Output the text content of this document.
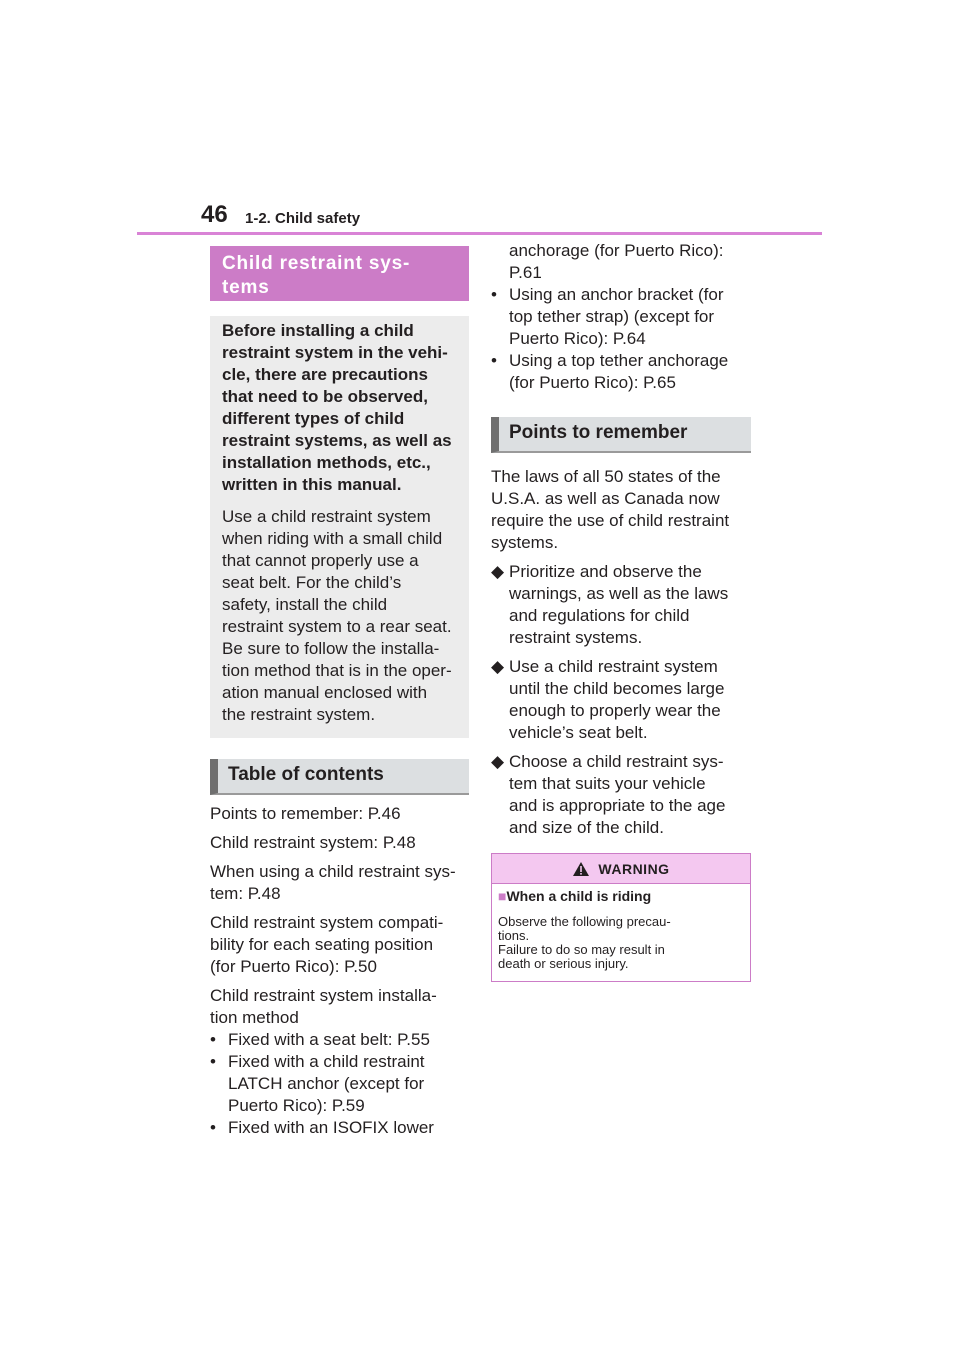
46 1-2. Child safety
Child restraint sys-
tems

Before installing a child
restraint system in the vehi-
cle, there are precautions
that need to be observed,
different types of child
restraint systems, as well as
installation methods, etc.,
written in this manual.

Use a child restraint system
when riding with a small child
that cannot properly use a
seat belt. For the child’s
safety, install the child
restraint system to a rear seat.
Be sure to follow the installa-
tion method that is in the oper-
ation manual enclosed with
the restraint system.

Table of contents

Points to remember: P.46

Child restraint system: P.48

When using a child restraint sys-
tem: P.48

Child restraint system compati-
bility for each seating position
(for Puerto Rico): P.50

Child restraint system installa-
tion method
• Fixed with a seat belt: P.55
• Fixed with a child restraint
LATCH anchor (except for
Puerto Rico): P.59
• Fixed with an ISOFIX lower
anchorage (for Puerto Rico):
P.61
• Using an anchor bracket (for
top tether strap) (except for
Puerto Rico): P.64
• Using a top tether anchorage
(for Puerto Rico): P.65
Points to remember
The laws of all 50 states of the
U.S.A. as well as Canada now
require the use of child restraint
systems.
◆ Prioritize and observe the
warnings, as well as the laws
and regulations for child
restraint systems.
◆ Use a child restraint system
until the child becomes large
enough to properly wear the
vehicle’s seat belt.
◆ Choose a child restraint sys-
tem that suits your vehicle
and is appropriate to the age
and size of the child.
WARNING
■When a child is riding

Observe the following precau-
tions.
Failure to do so may result in
death or serious injury.
